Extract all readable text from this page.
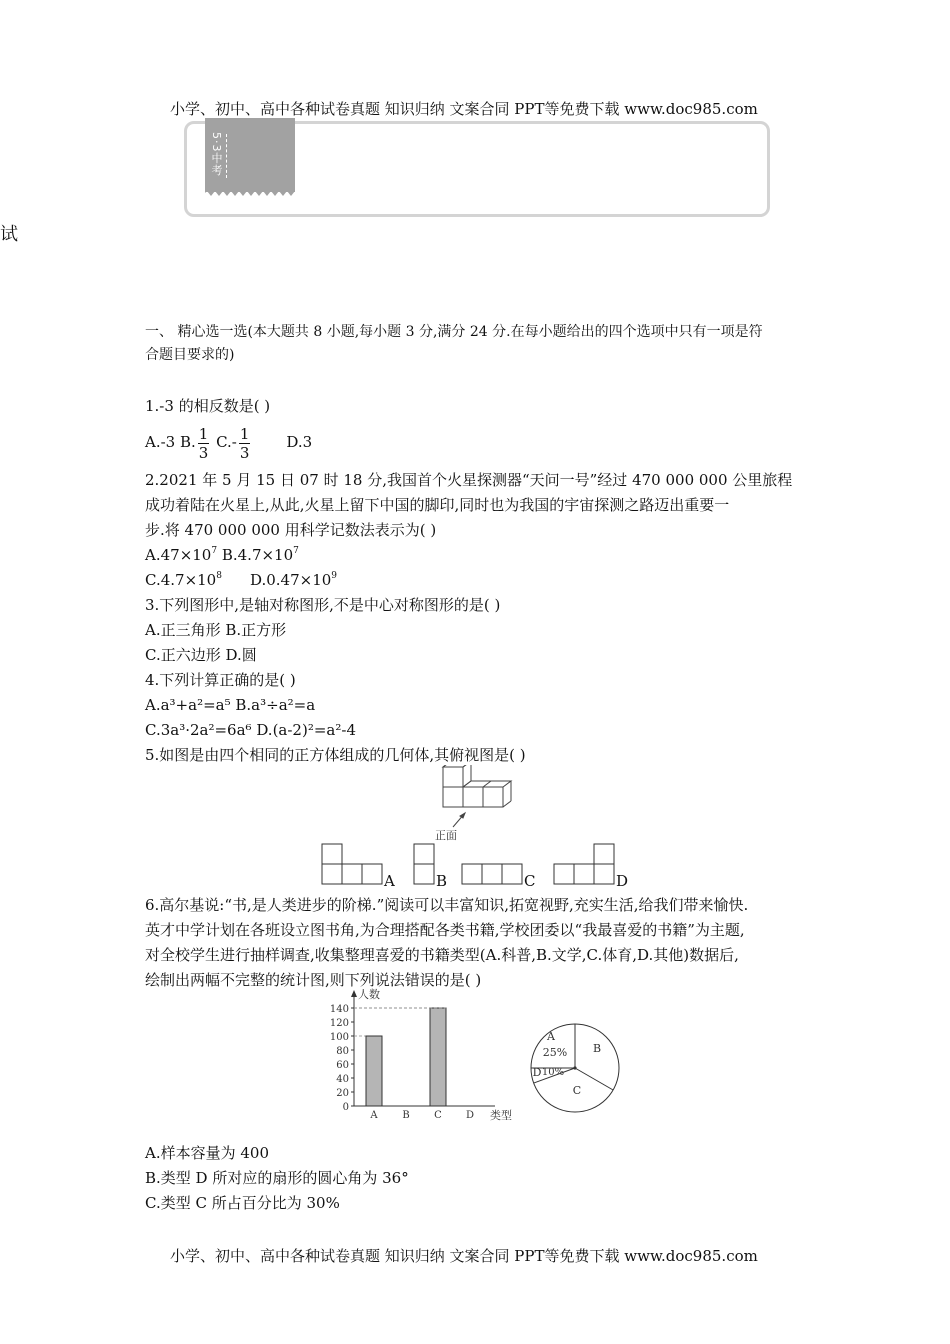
小学、初中、高中各种试卷真题 知识归纳 文案合同 PPT等免费下载 www.doc985.com
5·3中考
试
一、 精心选一选(本大题共 8 小题,每小题 3 分,满分 24 分.在每小题给出的四个选项中只有一项是符
合题目要求的)
1.-3 的相反数是( )
A.-3 B. $\frac{1}{3} C.- \frac{1}{3} D.3$
2.2021 年 5 月 15 日 07 时 18 分,我国首个火星探测器“天问一号”经过 470 000 000 公里旅程
成功着陆在火星上,从此,火星上留下中国的脚印,同时也为我国的宇宙探测之路迈出重要一
步.将 470 000 000 用科学记数法表示为( )
$A.47\times 10^7$ $B.4.7\times 10^7$
$C.4.7\times 10^8$ $D.0.47\times 10^9$
3.下列图形中,是轴对称图形,不是中心对称图形的是( )
A.正三角形 B.正方形
C.正六边形 D.圆
4.下列计算正确的是( )
A.a³+a²=a⁵ B.a³÷a²=a
C.3a³·2a²=6a⁶ D.(a-2)²=a²-4
5.如图是由四个相同的正方体组成的几何体,其俯视图是( )
正面
A	B	C	D
6.高尔基说:“书,是人类进步的阶梯.”阅读可以丰富知识,拓宽视野,充实生活,给我们带来愉快.
英才中学计划在各班设立图书角,为合理搭配各类书籍,学校团委以“我最喜爱的书籍”为主题,
对全校学生进行抽样调查,收集整理喜爱的书籍类型(A.科普,B.文学,C.体育,D.其他)数据后,
绘制出两幅不完整的统计图,则下列说法错误的是( )
人数
类型
0
20
40
60
80
100
120
140
A B C D
A
B
C
D
25%
10%
A.样本容量为 400
B.类型 D 所对应的扇形的圆心角为 36°
C.类型 C 所占百分比为 30%
小学、初中、高中各种试卷真题 知识归纳 文案合同 PPT等免费下载 www.doc985.com
